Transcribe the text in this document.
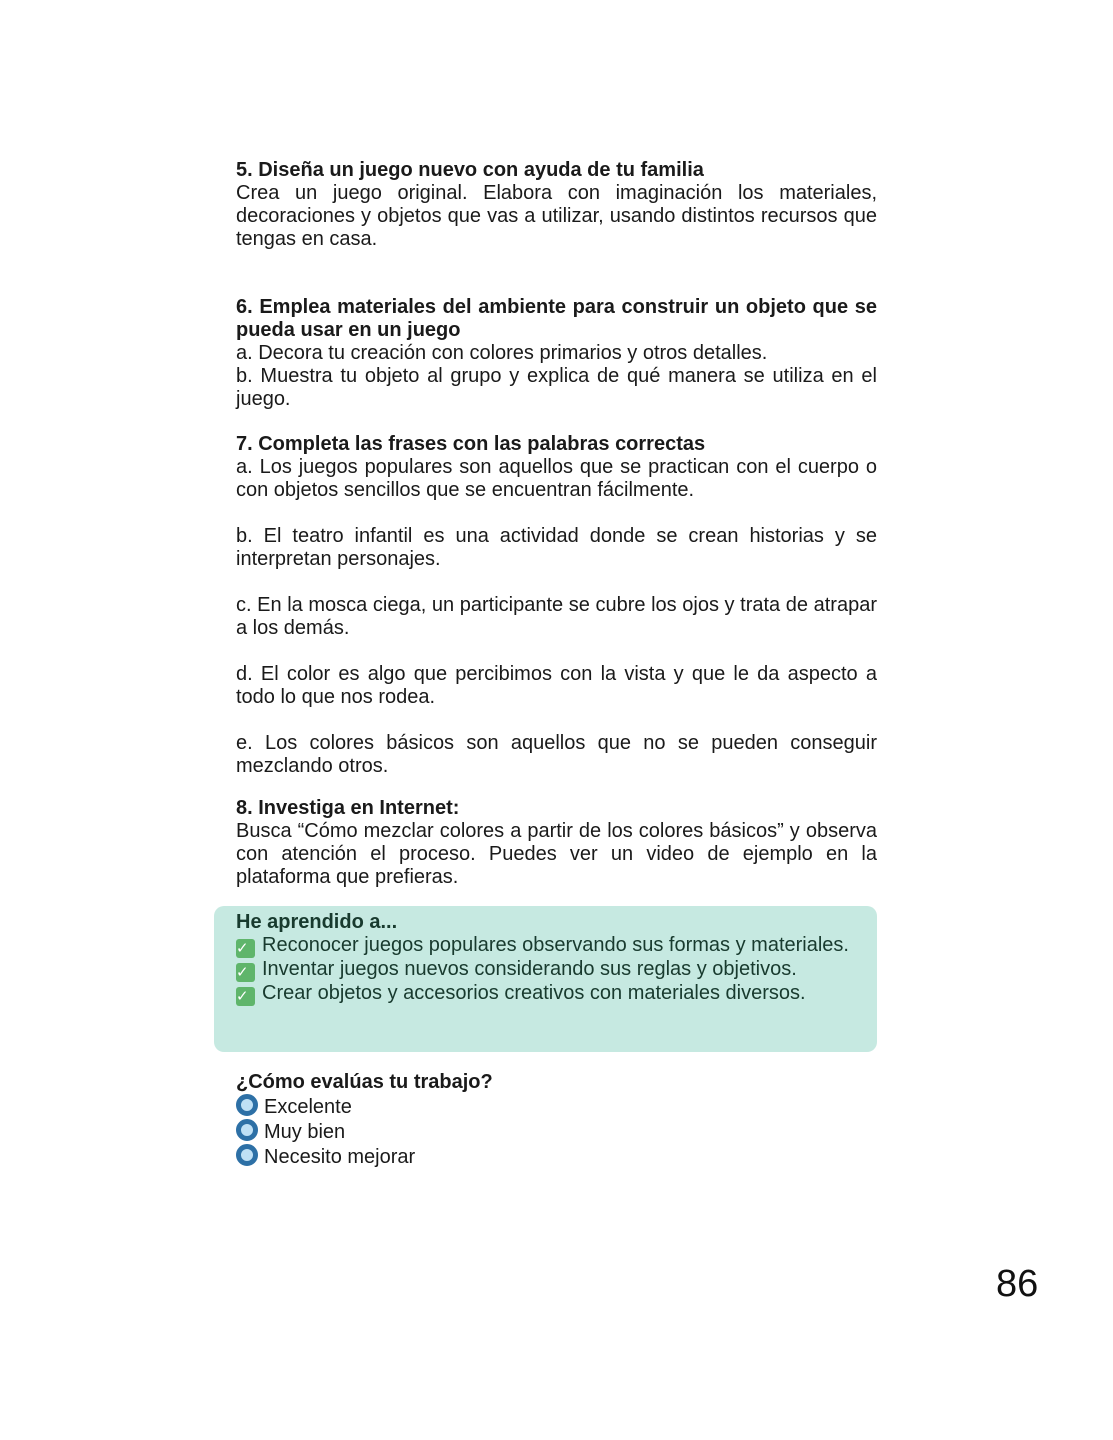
5. Diseña un juego nuevo con ayuda de tu familia

Crea un juego original. Elabora con imaginación los materiales, decoraciones y objetos que vas a utilizar, usando distintos recursos que tengas en casa.

6. Emplea materiales del ambiente para construir un objeto que se pueda usar en un juego

a. Decora tu creación con colores primarios y otros detalles.

b. Muestra tu objeto al grupo y explica de qué manera se utiliza en el juego.

7. Completa las frases con las palabras correctas

a. Los juegos populares son aquellos que se practican con el cuerpo o con objetos sencillos que se encuentran fácilmente.

b. El teatro infantil es una actividad donde se crean historias y se interpretan personajes.

c. En la mosca ciega, un participante se cubre los ojos y trata de atrapar a los demás.

d. El color es algo que percibimos con la vista y que le da aspecto a todo lo que nos rodea.

e. Los colores básicos son aquellos que no se pueden conseguir mezclando otros.

8. Investiga en Internet:

Busca “Cómo mezclar colores a partir de los colores básicos” y observa con atención el proceso. Puedes ver un video de ejemplo en la plataforma que prefieras.

He aprendido a...

✓ Reconocer juegos populares observando sus formas y materiales.

✓ Inventar juegos nuevos considerando sus reglas y objetivos.

✓ Crear objetos y accesorios creativos con materiales diversos.

¿Cómo evalúas tu trabajo?

Excelente

Muy bien

Necesito mejorar

86
